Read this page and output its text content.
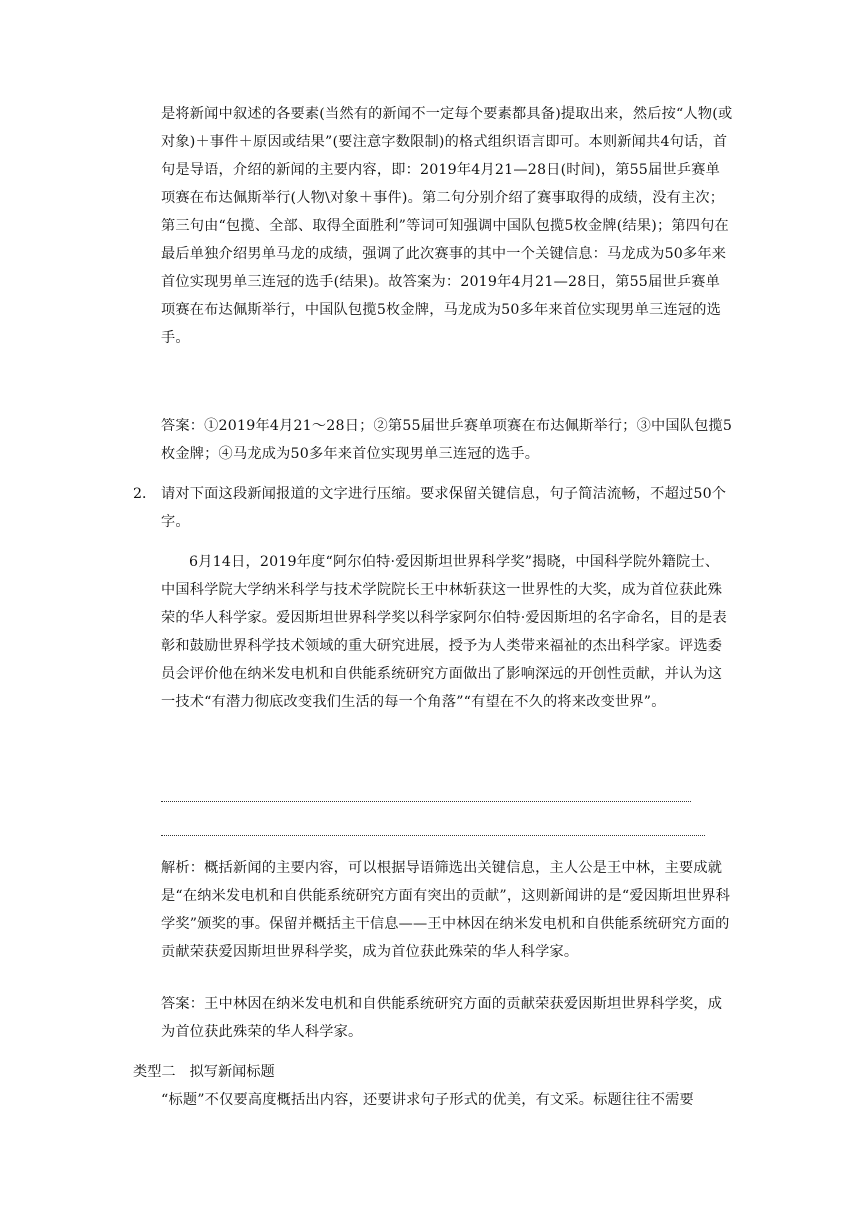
是将新闻中叙述的各要素(当然有的新闻不一定每个要素都具备)提取出来，然后按“人物(或对象)＋事件＋原因或结果”(要注意字数限制)的格式组织语言即可。本则新闻共4句话，首句是导语，介绍的新闻的主要内容，即：2019年4月21—28日(时间)，第55届世乒赛单项赛在布达佩斯举行(人物\对象＋事件)。第二句分别介绍了赛事取得的成绩，没有主次；第三句由“包揽、全部、取得全面胜利”等词可知强调中国队包揽5枚金牌(结果)；第四句在最后单独介绍男单马龙的成绩，强调了此次赛事的其中一个关键信息：马龙成为50多年来首位实现男单三连冠的选手(结果)。故答案为：2019年4月21—28日，第55届世乒赛单项赛在布达佩斯举行，中国队包揽5枚金牌，马龙成为50多年来首位实现男单三连冠的选手。
答案：①2019年4月21～28日；②第55届世乒赛单项赛在布达佩斯举行；③中国队包揽5枚金牌；④马龙成为50多年来首位实现男单三连冠的选手。
2． 请对下面这段新闻报道的文字进行压缩。要求保留关键信息，句子简洁流畅，不超过50个字。
6月14日，2019年度“阿尔伯特·爱因斯坦世界科学奖”揭晓，中国科学院外籍院士、中国科学院大学纳米科学与技术学院院长王中林斩获这一世界性的大奖，成为首位获此殊荣的华人科学家。爱因斯坦世界科学奖以科学家阿尔伯特·爱因斯坦的名字命名，目的是表彰和鼓励世界科学技术领域的重大研究进展，授予为人类带来福祉的杰出科学家。评选委员会评价他在纳米发电机和自供能系统研究方面做出了影响深远的开创性贡献，并认为这一技术“有潜力彻底改变我们生活的每一个角落”“有望在不久的将来改变世界”。
解析：概括新闻的主要内容，可以根据导语筛选出关键信息，主人公是王中林，主要成就是“在纳米发电机和自供能系统研究方面有突出的贡献”，这则新闻讲的是“爱因斯坦世界科学奖”颁奖的事。保留并概括主干信息——王中林因在纳米发电机和自供能系统研究方面的贡献荣获爱因斯坦世界科学奖，成为首位获此殊荣的华人科学家。
答案：王中林因在纳米发电机和自供能系统研究方面的贡献荣获爱因斯坦世界科学奖，成为首位获此殊荣的华人科学家。
类型二 拟写新闻标题
“标题”不仅要高度概括出内容，还要讲求句子形式的优美，有文采。标题往往不需要
